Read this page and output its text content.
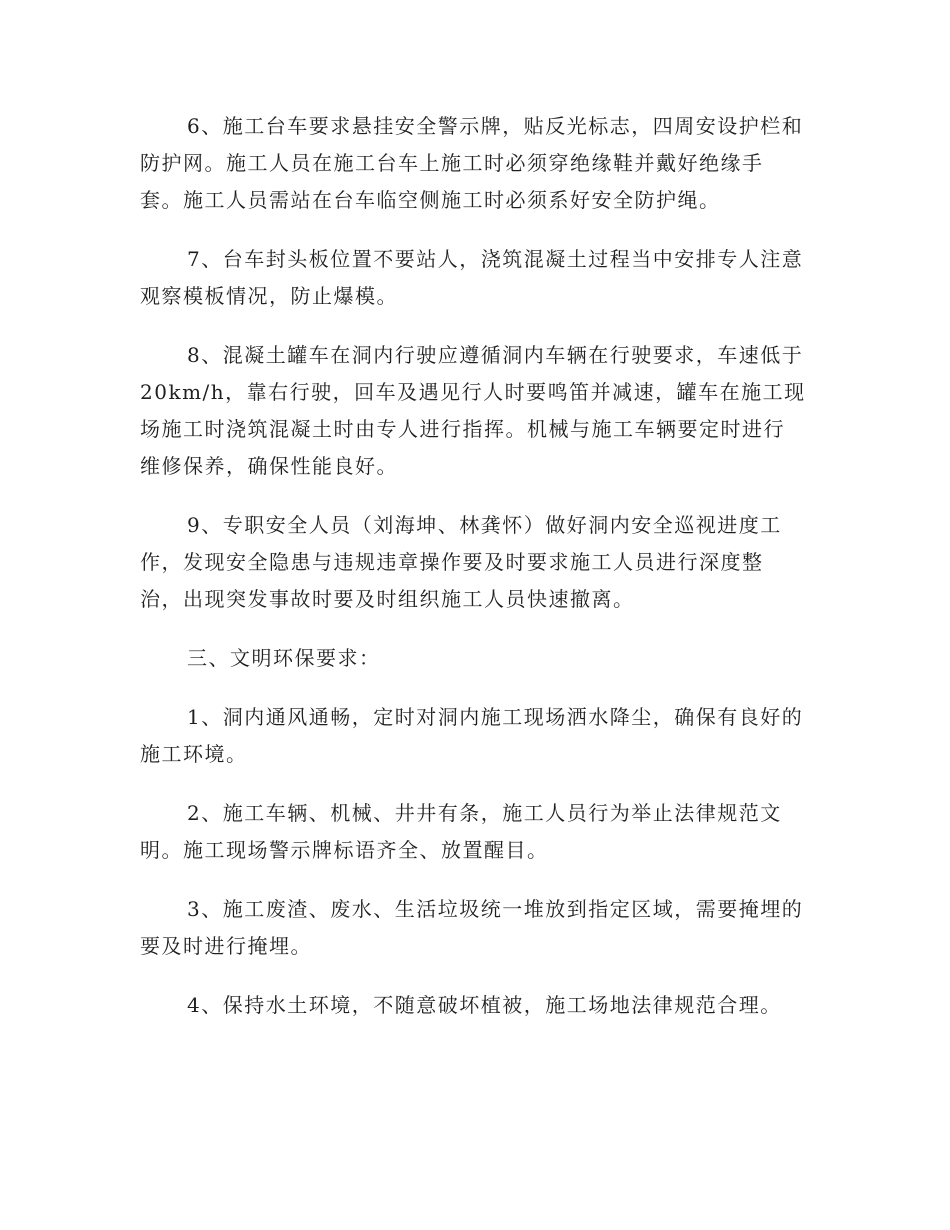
6、施工台车要求悬挂安全警示牌，贴反光标志，四周安设护栏和
防护网。施工人员在施工台车上施工时必须穿绝缘鞋并戴好绝缘手
套。施工人员需站在台车临空侧施工时必须系好安全防护绳。

7、台车封头板位置不要站人，浇筑混凝土过程当中安排专人注意
观察模板情况，防止爆模。

8、混凝土罐车在洞内行驶应遵循洞内车辆在行驶要求，车速低于
20km/h，靠右行驶，回车及遇见行人时要鸣笛并减速，罐车在施工现
场施工时浇筑混凝土时由专人进行指挥。机械与施工车辆要定时进行
维修保养，确保性能良好。

9、专职安全人员（刘海坤、林龚怀）做好洞内安全巡视进度工
作，发现安全隐患与违规违章操作要及时要求施工人员进行深度整
治，出现突发事故时要及时组织施工人员快速撤离。

三、文明环保要求：

1、洞内通风通畅，定时对洞内施工现场洒水降尘，确保有良好的
施工环境。

2、施工车辆、机械、井井有条，施工人员行为举止法律规范文
明。施工现场警示牌标语齐全、放置醒目。

3、施工废渣、废水、生活垃圾统一堆放到指定区域，需要掩埋的
要及时进行掩埋。

4、保持水土环境，不随意破坏植被，施工场地法律规范合理。
